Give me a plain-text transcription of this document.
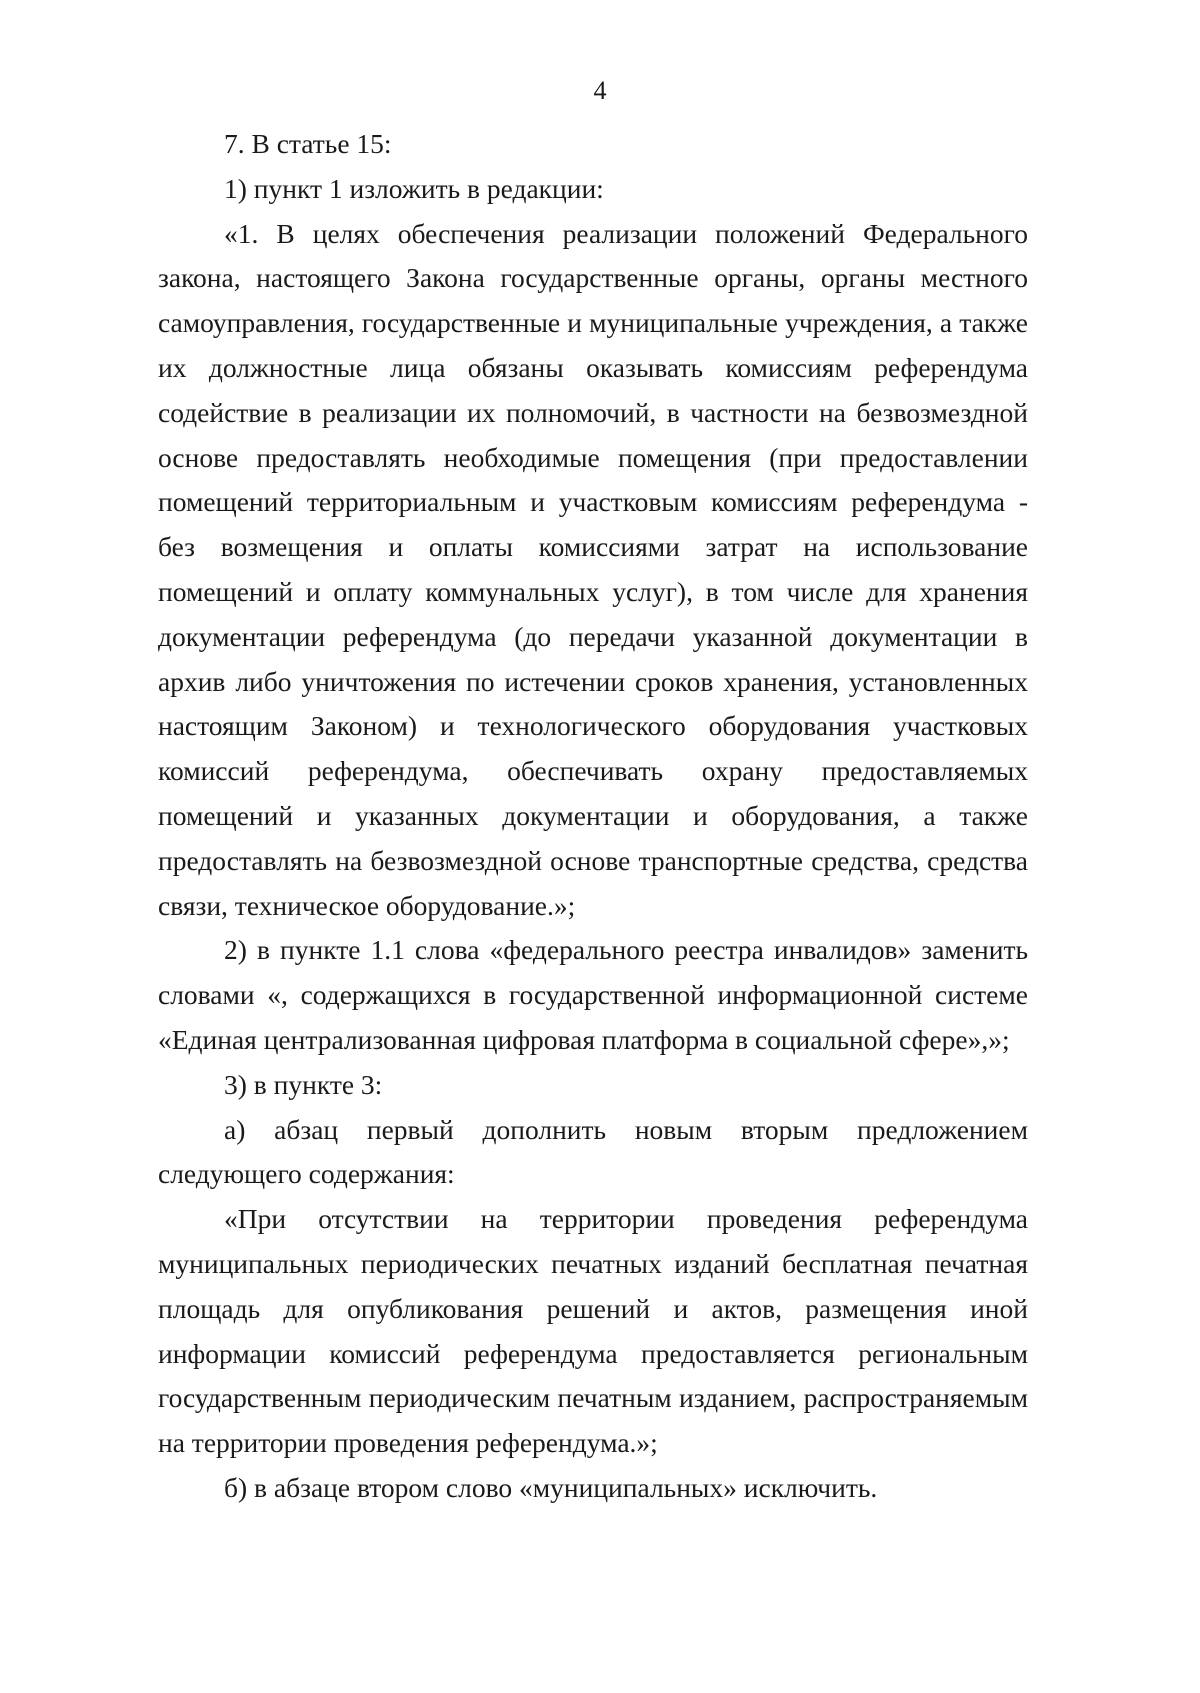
4

7. В статье 15:

1) пункт 1 изложить в редакции:

«1. В целях обеспечения реализации положений Федерального закона, настоящего Закона государственные органы, органы местного самоуправления, государственные и муниципальные учреждения, а также их должностные лица обязаны оказывать комиссиям референдума содействие в реализации их полномочий, в частности на безвозмездной основе предоставлять необходимые помещения (при предоставлении помещений территориальным и участковым комиссиям референдума - без возмещения и оплаты комиссиями затрат на использование помещений и оплату коммунальных услуг), в том числе для хранения документации референдума (до передачи указанной документации в архив либо уничтожения по истечении сроков хранения, установленных настоящим Законом) и технологического оборудования участковых комиссий референдума, обеспечивать охрану предоставляемых помещений и указанных документации и оборудования, а также предоставлять на безвозмездной основе транспортные средства, средства связи, техническое оборудование.»;

2) в пункте 1.1 слова «федерального реестра инвалидов» заменить словами «, содержащихся в государственной информационной системе «Единая централизованная цифровая платформа в социальной сфере»,»;

3) в пункте 3:

а) абзац первый дополнить новым вторым предложением следующего содержания:

«При отсутствии на территории проведения референдума муниципальных периодических печатных изданий бесплатная печатная площадь для опубликования решений и актов, размещения иной информации комиссий референдума предоставляется региональным государственным периодическим печатным изданием, распространяемым на территории проведения референдума.»;

б) в абзаце втором слово «муниципальных» исключить.
